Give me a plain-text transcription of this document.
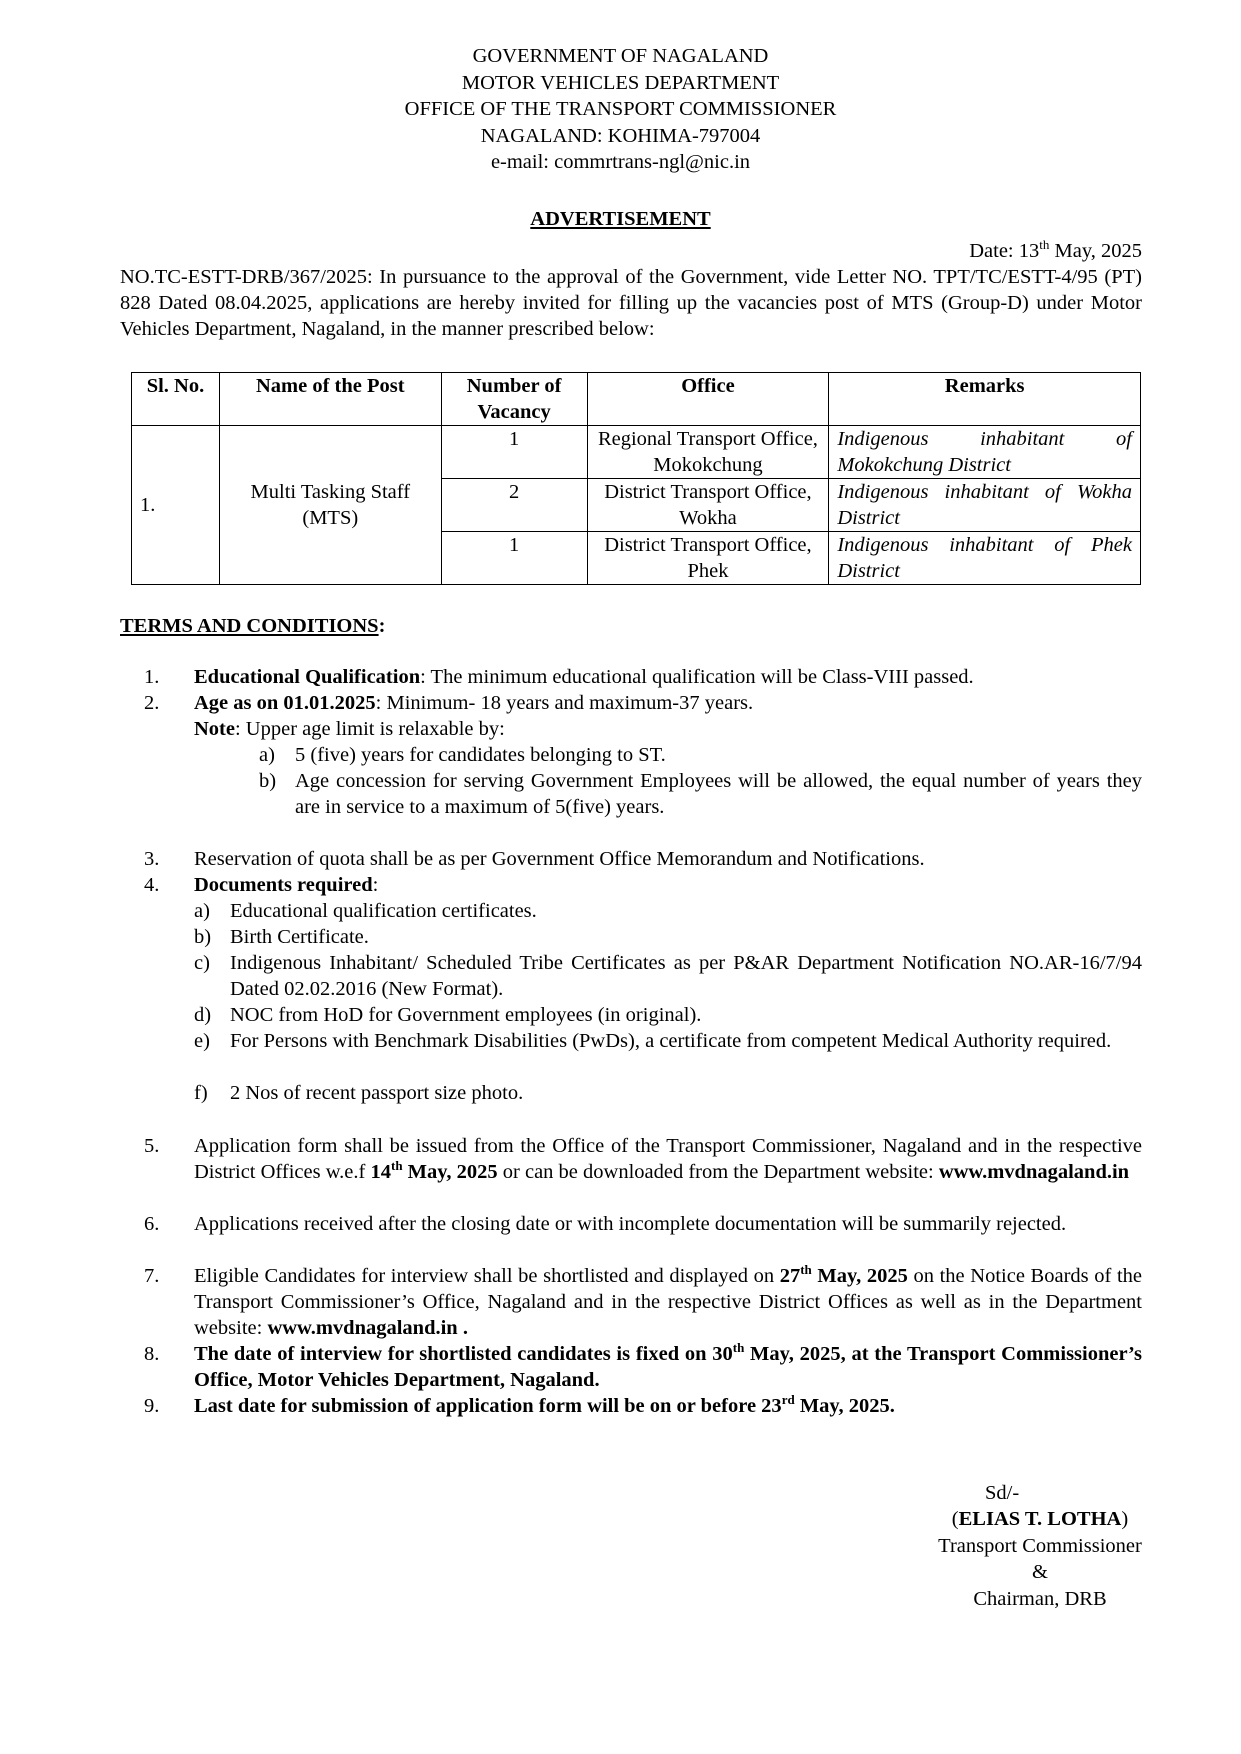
GOVERNMENT OF NAGALAND
MOTOR VEHICLES DEPARTMENT
OFFICE OF THE TRANSPORT COMMISSIONER
NAGALAND: KOHIMA-797004
e-mail: commrtrans-ngl@nic.in
ADVERTISEMENT
Date: 13th May, 2025
NO.TC-ESTT-DRB/367/2025: In pursuance to the approval of the Government, vide Letter NO. TPT/TC/ESTT-4/95 (PT) 828 Dated 08.04.2025, applications are hereby invited for filling up the vacancies post of MTS (Group-D) under Motor Vehicles Department, Nagaland, in the manner prescribed below:
Sl. No.	Name of the Post	Number of Vacancy	Office	Remarks
1.	Multi Tasking Staff (MTS)	1	Regional Transport Office, Mokokchung	Indigenous inhabitant of Mokokchung District
		2	District Transport Office, Wokha	Indigenous inhabitant of Wokha District
		1	District Transport Office, Phek	Indigenous inhabitant of Phek District
TERMS AND CONDITIONS:
1.	Educational Qualification: The minimum educational qualification will be Class-VIII passed.
2.	Age as on 01.01.2025: Minimum- 18 years and maximum-37 years.
Note: Upper age limit is relaxable by:
a) 5 (five) years for candidates belonging to ST.
b) Age concession for serving Government Employees will be allowed, the equal number of years they are in service to a maximum of 5(five) years.
3.	Reservation of quota shall be as per Government Office Memorandum and Notifications.
4.	Documents required:
a) Educational qualification certificates.
b) Birth Certificate.
c) Indigenous Inhabitant/ Scheduled Tribe Certificates as per P&AR Department Notification NO.AR-16/7/94 Dated 02.02.2016 (New Format).
d) NOC from HoD for Government employees (in original).
e) For Persons with Benchmark Disabilities (PwDs), a certificate from competent Medical Authority required.
f) 2 Nos of recent passport size photo.
5.	Application form shall be issued from the Office of the Transport Commissioner, Nagaland and in the respective District Offices w.e.f 14th May, 2025 or can be downloaded from the Department website: www.mvdnagaland.in
6.	Applications received after the closing date or with incomplete documentation will be summarily rejected.
7.	Eligible Candidates for interview shall be shortlisted and displayed on 27th May, 2025 on the Notice Boards of the Transport Commissioner’s Office, Nagaland and in the respective District Offices as well as in the Department website: www.mvdnagaland.in .
8.	The date of interview for shortlisted candidates is fixed on 30th May, 2025, at the Transport Commissioner’s Office, Motor Vehicles Department, Nagaland.
9.	Last date for submission of application form will be on or before 23rd May, 2025.
Sd/-
(ELIAS T. LOTHA)
Transport Commissioner
&
Chairman, DRB
